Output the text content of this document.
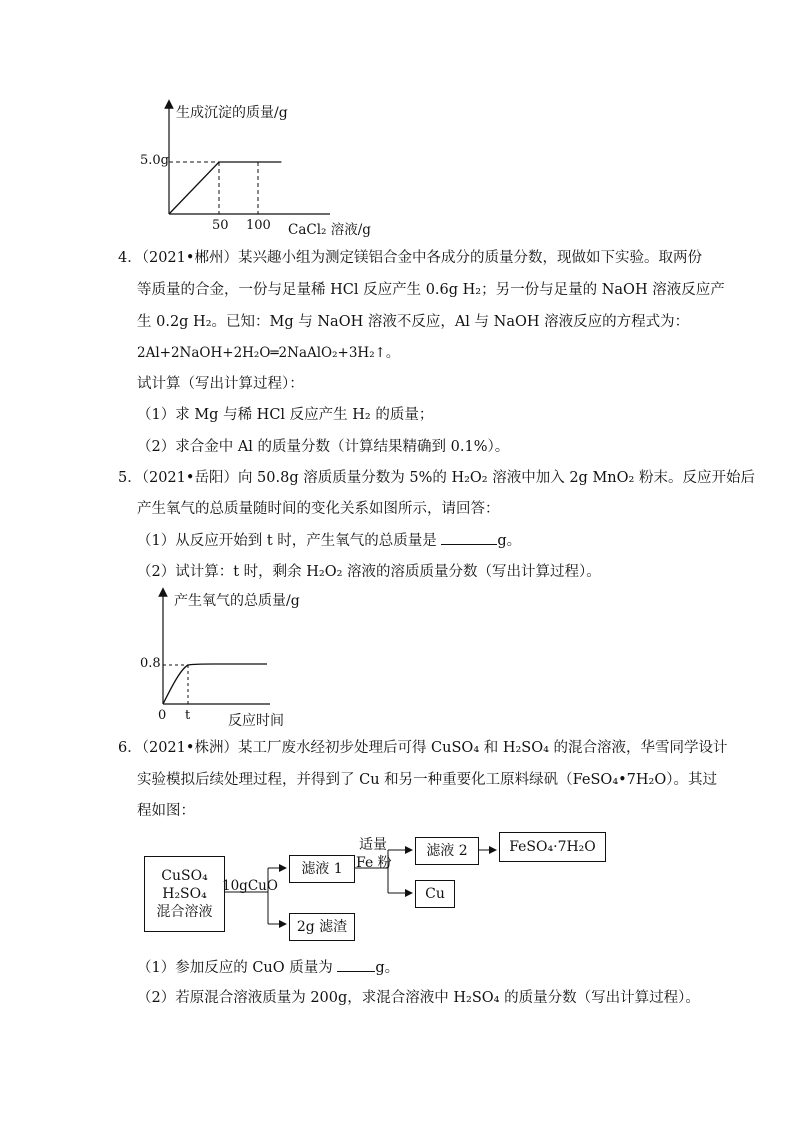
生成沉淀的质量/g
5.0g
50 100 CaCl₂ 溶液/g
4．（2021•郴州）某兴趣小组为测定镁铝合金中各成分的质量分数，现做如下实验。取两份
等质量的合金，一份与足量稀 HCl 反应产生 0.6g H₂；另一份与足量的 NaOH 溶液反应产
生 0.2g H₂。已知：Mg 与 NaOH 溶液不反应，Al 与 NaOH 溶液反应的方程式为：
2Al+2NaOH+2H₂O═2NaAlO₂+3H₂↑。
试计算（写出计算过程）：
（1）求 Mg 与稀 HCl 反应产生 H₂ 的质量；
（2）求合金中 Al 的质量分数（计算结果精确到 0.1%）。
5．（2021•岳阳）向 50.8g 溶质质量分数为 5%的 H₂O₂ 溶液中加入 2g MnO₂ 粉末。反应开始后
产生氧气的总质量随时间的变化关系如图所示，请回答：
（1）从反应开始到 t 时，产生氧气的总质量是	g。
（2）试计算：t 时，剩余 H₂O₂ 溶液的溶质质量分数（写出计算过程）。
产生氧气的总质量/g
0.8
0 t	反应时间
6．（2021•株洲）某工厂废水经初步处理后可得 CuSO₄ 和 H₂SO₄ 的混合溶液，华雪同学设计
实验模拟后续处理过程，并得到了 Cu 和另一种重要化工原料绿矾（FeSO₄•7H₂O）。其过
程如图：
CuSO₄
H₂SO₄
混合溶液
10gCuO
滤液 1
2g 滤渣
适量
Fe 粉
滤液 2
Cu
FeSO₄·7H₂O
（1）参加反应的 CuO 质量为	g。
（2）若原混合溶液质量为 200g，求混合溶液中 H₂SO₄ 的质量分数（写出计算过程）。
